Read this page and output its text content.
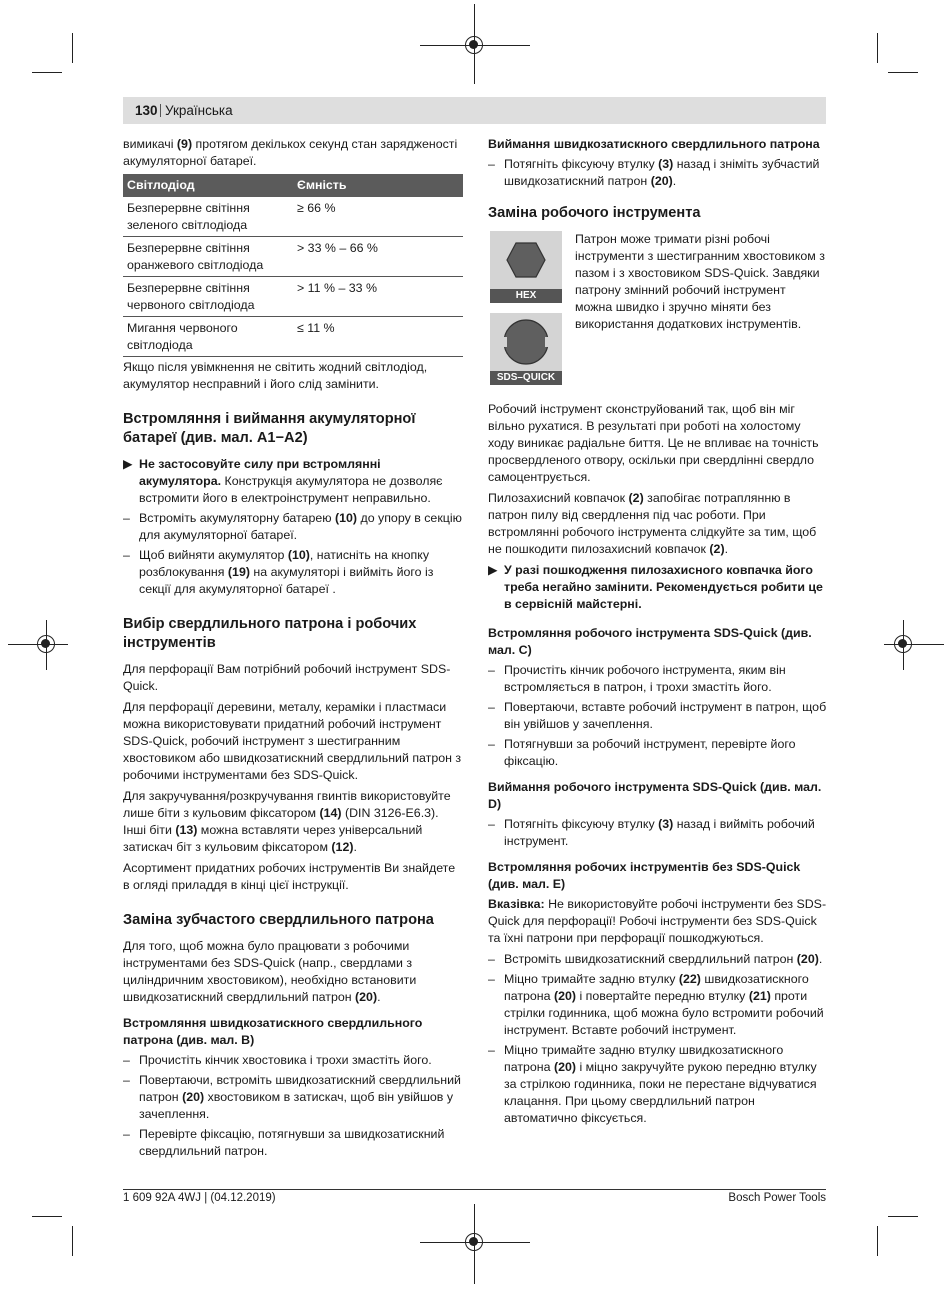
130 Українська

вимикачі (9) протягом декількох секунд стан зарядженості акумуляторної батареї.

Світлодіод	Ємність
Безперервне світіння зеленого світлодіода	≥ 66 %
Безперервне світіння оранжевого світлодіода	> 33 % – 66 %
Безперервне світіння червоного світлодіода	> 11 % – 33 %
Мигання червоного світлодіода	≤ 11 %

Якщо після увімкнення не світить жодний світлодіод, акумулятор несправний і його слід замінити.

Встромляння і виймання акумуляторної батареї (див. мал. A1−A2)
▶ Не застосовуйте силу при встромлянні акумулятора. Конструкція акумулятора не дозволяє встромити його в електроінструмент неправильно.
– Встроміть акумуляторну батарею (10) до упору в секцію для акумуляторної батареї.
– Щоб вийняти акумулятор (10), натисніть на кнопку розблокування (19) на акумуляторі і вийміть його із секції для акумуляторної батареї .
Вибір свердлильного патрона і робочих інструментів

Для перфорації Вам потрібний робочий інструмент SDS-Quick.

Для перфорації деревини, металу, кераміки і пластмаси можна використовувати придатний робочий інструмент SDS-Quick, робочий інструмент з шестигранним хвостовиком або швидкозатискний свердлильний патрон з робочими інструментами без SDS-Quick.

Для закручування/розкручування гвинтів використовуйте лише біти з кульовим фіксатором (14) (DIN 3126-E6.3). Інші біти (13) можна вставляти через універсальний затискач біт з кульовим фіксатором (12).

Асортимент придатних робочих інструментів Ви знайдете в огляді приладдя в кінці цієї інструкції.

Заміна зубчастого свердлильного патрона

Для того, щоб можна було працювати з робочими інструментами без SDS-Quick (напр., свердлами з циліндричним хвостовиком), необхідно встановити швидкозатискний свердлильний патрон (20).

Встромляння швидкозатискного свердлильного патрона (див. мал. B)
– Прочистіть кінчик хвостовика і трохи змастіть його.
– Повертаючи, встроміть швидкозатискний свердлильний патрон (20) хвостовиком в затискач, щоб він увійшов у зачеплення.
– Перевірте фіксацію, потягнувши за швидкозатискний свердлильний патрон.
Виймання швидкозатискного свердлильного патрона
– Потягніть фіксуючу втулку (3) назад і зніміть зубчастий швидкозатискний патрон (20).
Заміна робочого інструмента
HEX
SDS–QUICK

Патрон може тримати різні робочі інструменти з шестигранним хвостовиком з пазом і з хвостовиком SDS-Quick. Завдяки патрону змінний робочий інструмент можна швидко і зручно міняти без використання додаткових інструментів.

Робочий інструмент сконструйований так, щоб він міг вільно рухатися. В результаті при роботі на холостому ходу виникає радіальне биття. Це не впливає на точність просвердленого отвору, оскільки при свердлінні свердло самоцентрується.

Пилозахисний ковпачок (2) запобігає потраплянню в патрон пилу від свердлення під час роботи. При встромлянні робочого інструмента слідкуйте за тим, щоб не пошкодити пилозахисний ковпачок (2).

▶ У разі пошкодження пилозахисного ковпачка його треба негайно замінити. Рекомендується робити це в сервісній майстерні.
Встромляння робочого інструмента SDS-Quick (див. мал. C)
– Прочистіть кінчик робочого інструмента, яким він встромляється в патрон, і трохи змастіть його.
– Повертаючи, вставте робочий інструмент в патрон, щоб він увійшов у зачеплення.
– Потягнувши за робочий інструмент, перевірте його фіксацію.
Виймання робочого інструмента SDS-Quick (див. мал. D)
– Потягніть фіксуючу втулку (3) назад і вийміть робочий інструмент.
Встромляння робочих інструментів без SDS-Quick (див. мал. E)

Вказівка: Не використовуйте робочі інструменти без SDS-Quick для перфорації! Робочі інструменти без SDS-Quick та їхні патрони при перфорації пошкоджуються.

– Встроміть швидкозатискний свердлильний патрон (20).
– Міцно тримайте задню втулку (22) швидкозатискного патрона (20) і повертайте передню втулку (21) проти стрілки годинника, щоб можна було встромити робочий інструмент. Вставте робочий інструмент.
– Міцно тримайте задню втулку швидкозатискного патрона (20) і міцно закручуйте рукою передню втулку за стрілкою годинника, поки не перестане відчуватися клацання. При цьому свердлильний патрон автоматично фіксується.
1 609 92A 4WJ | (04.12.2019)	Bosch Power Tools
